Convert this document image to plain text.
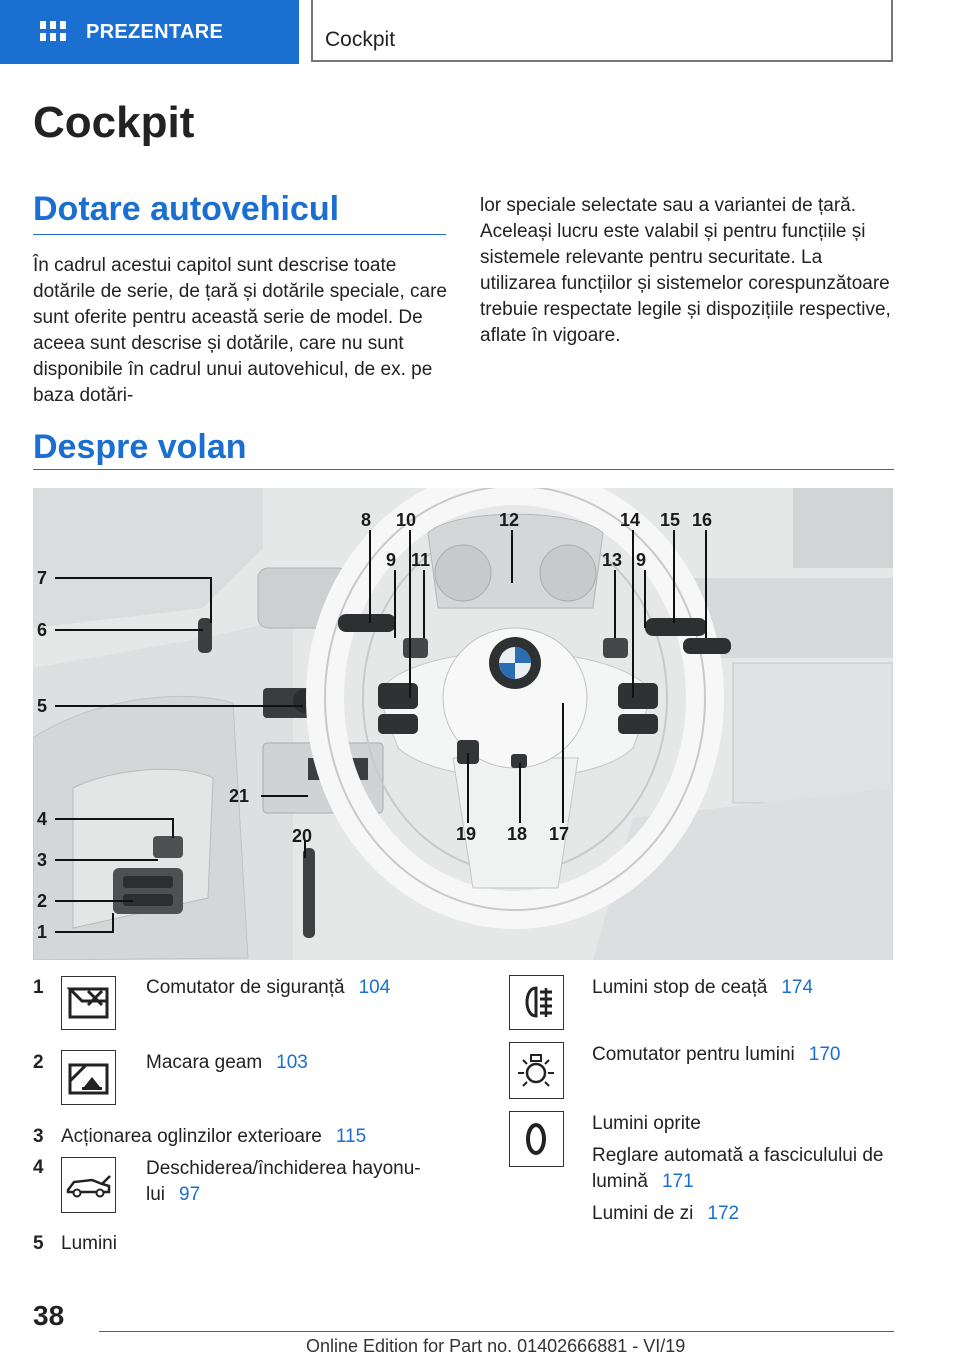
PREZENTARE	Cockpit
Cockpit
Dotare autovehicul

În cadrul acestui capitol sunt descrise toate dotările de serie, de țară și dotările speciale, care sunt oferite pentru această serie de model. De aceea sunt descrise și dotările, care nu sunt disponibile în cadrul unui autovehicul, de ex. pe baza dotări-

lor speciale selectate sau a variantei de țară. Aceleași lucru este valabil și pentru funcțiile și sistemele relevante pentru securitate. La utilizarea funcțiilor și sistemelor corespunzătoare trebuie respectate legile și dispozițiile respective, aflate în vigoare.

Despre volan
7
6
5
4
3
2
1
8
9
10
11
12
13 9
14 15 16
17
18
19
20
21
1	Comutator de siguranță 104
2	Macara geam 103
3 Acționarea oglinzilor exterioare 115
4	Deschiderea/închiderea hayonu-
lui 97
5 Lumini
Lumini stop de ceață 174
Comutator pentru lumini 170
Lumini oprite
Reglare automată a fasciculului de
lumină 171
Lumini de zi 172
38
Online Edition for Part no. 01402666881 - VI/19
